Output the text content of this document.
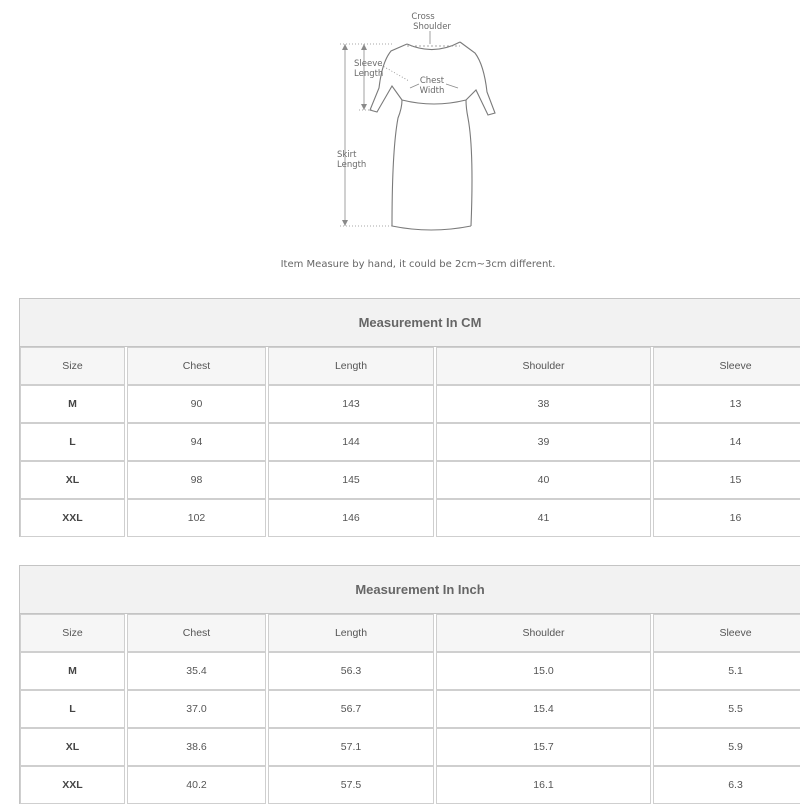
Cross
Shoulder
Sleeve
Length
Chest
Width
Skirt
Length
Item Measure by hand, it could be 2cm~3cm different.
Measurement In CM
Size	Chest	Length	Shoulder	Sleeve
M	90	143	38	13
L	94	144	39	14
XL	98	145	40	15
XXL	102	146	41	16
Measurement In Inch
Size	Chest	Length	Shoulder	Sleeve
M	35.4	56.3	15.0	5.1
L	37.0	56.7	15.4	5.5
XL	38.6	57.1	15.7	5.9
XXL	40.2	57.5	16.1	6.3
